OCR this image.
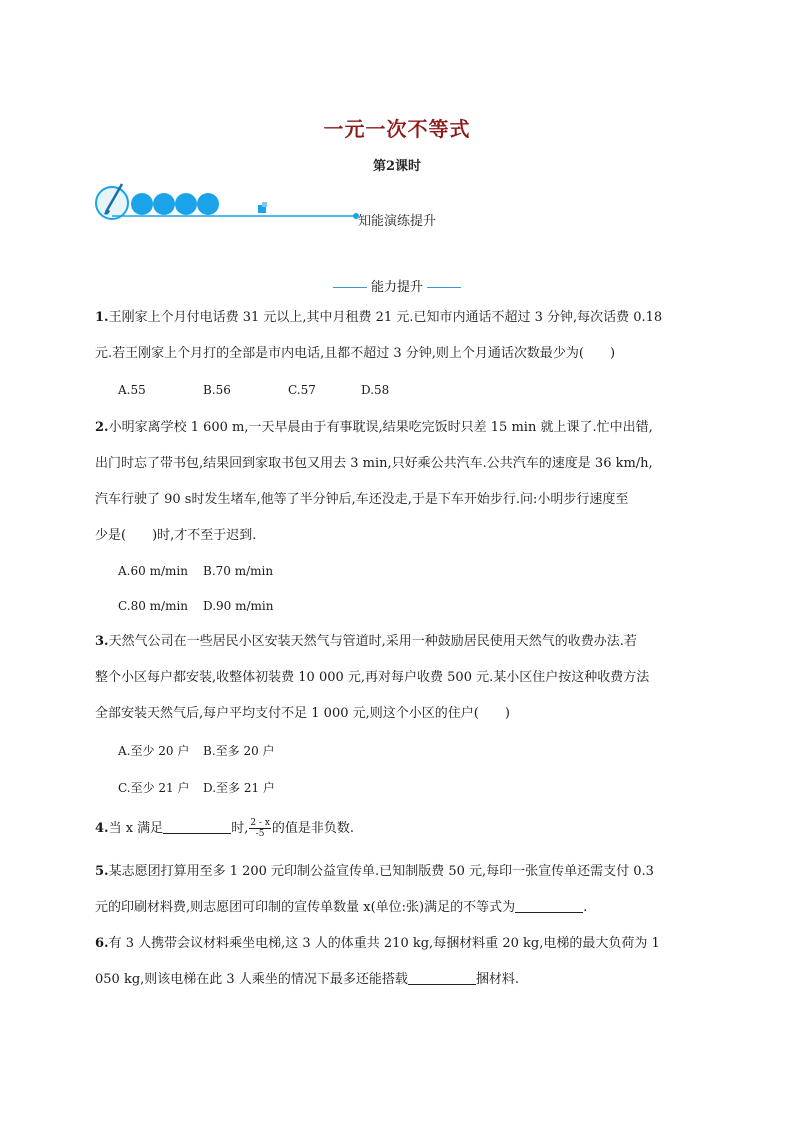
一元一次不等式
第2课时
知能演练提升
能力提升
1.王刚家上个月付电话费 31 元以上,其中月租费 21 元.已知市内通话不超过 3 分钟,每次话费 0.18
元.若王刚家上个月打的全部是市内电话,且都不超过 3 分钟,则上个月通话次数最少为(　　)
A.55	B.56	C.57	D.58
2.小明家离学校 1 600 m,一天早晨由于有事耽误,结果吃完饭时只差 15 min 就上课了.忙中出错,
出门时忘了带书包,结果回到家取书包又用去 3 min,只好乘公共汽车.公共汽车的速度是 36 km/h,
汽车行驶了 90 s时发生堵车,他等了半分钟后,车还没走,于是下车开始步行.问:小明步行速度至
少是(　　)时,才不至于迟到.
A.60 m/min B.70 m/min
C.80 m/min D.90 m/min
3.天然气公司在一些居民小区安装天然气与管道时,采用一种鼓励居民使用天然气的收费办法.若
整个小区每户都安装,收整体初装费 10 000 元,再对每户收费 500 元.某小区住户按这种收费方法
全部安装天然气后,每户平均支付不足 1 000 元,则这个小区的住户(　　)
A.至少 20 户 B.至多 20 户
C.至少 21 户 D.至多 21 户
4.当 x 满足	时, $\frac{2 - x}{-5}$ 的值是非负数.
5.某志愿团打算用至多 1 200 元印制公益宣传单.已知制版费 50 元,每印一张宣传单还需支付 0.3
元的印刷材料费,则志愿团可印制的宣传单数量 x(单位:张)满足的不等式为	.
6.有 3 人携带会议材料乘坐电梯,这 3 人的体重共 210 kg,每捆材料重 20 kg,电梯的最大负荷为 1
050 kg,则该电梯在此 3 人乘坐的情况下最多还能搭载	捆材料.
